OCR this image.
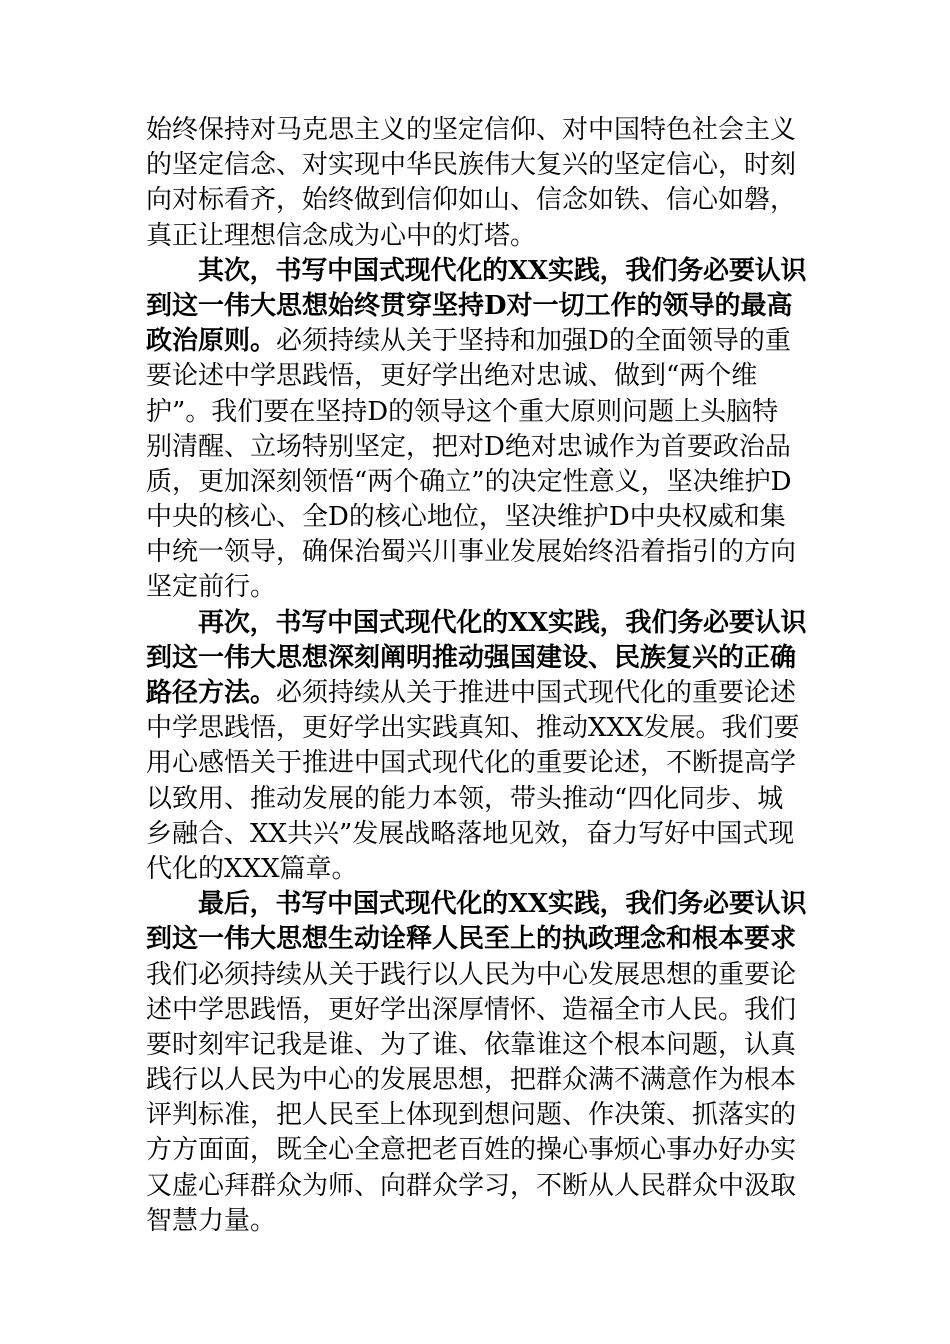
始终保持对马克思主义的坚定信仰、对中国特色社会主义
的坚定信念、对实现中华民族伟大复兴的坚定信心，时刻
向对标看齐，始终做到信仰如山、信念如铁、信心如磐，
真正让理想信念成为心中的灯塔。
其次，书写中国式现代化的XX实践，我们务必要认识
到这一伟大思想始终贯穿坚持D对一切工作的领导的最高
政治原则。必须持续从关于坚持和加强D的全面领导的重
要论述中学思践悟，更好学出绝对忠诚、做到“两个维
护”。我们要在坚持D的领导这个重大原则问题上头脑特
别清醒、立场特别坚定，把对D绝对忠诚作为首要政治品
质，更加深刻领悟“两个确立”的决定性意义，坚决维护D
中央的核心、全D的核心地位，坚决维护D中央权威和集
中统一领导，确保治蜀兴川事业发展始终沿着指引的方向
坚定前行。
再次，书写中国式现代化的XX实践，我们务必要认识
到这一伟大思想深刻阐明推动强国建设、民族复兴的正确
路径方法。必须持续从关于推进中国式现代化的重要论述
中学思践悟，更好学出实践真知、推动XXX发展。我们要
用心感悟关于推进中国式现代化的重要论述，不断提高学
以致用、推动发展的能力本领，带头推动“四化同步、城
乡融合、XX共兴”发展战略落地见效，奋力写好中国式现
代化的XXX篇章。
最后，书写中国式现代化的XX实践，我们务必要认识
到这一伟大思想生动诠释人民至上的执政理念和根本要求
我们必须持续从关于践行以人民为中心发展思想的重要论
述中学思践悟，更好学出深厚情怀、造福全市人民。我们
要时刻牢记我是谁、为了谁、依靠谁这个根本问题，认真
践行以人民为中心的发展思想，把群众满不满意作为根本
评判标准，把人民至上体现到想问题、作决策、抓落实的
方方面面，既全心全意把老百姓的操心事烦心事办好办实
又虚心拜群众为师、向群众学习，不断从人民群众中汲取
智慧力量。
